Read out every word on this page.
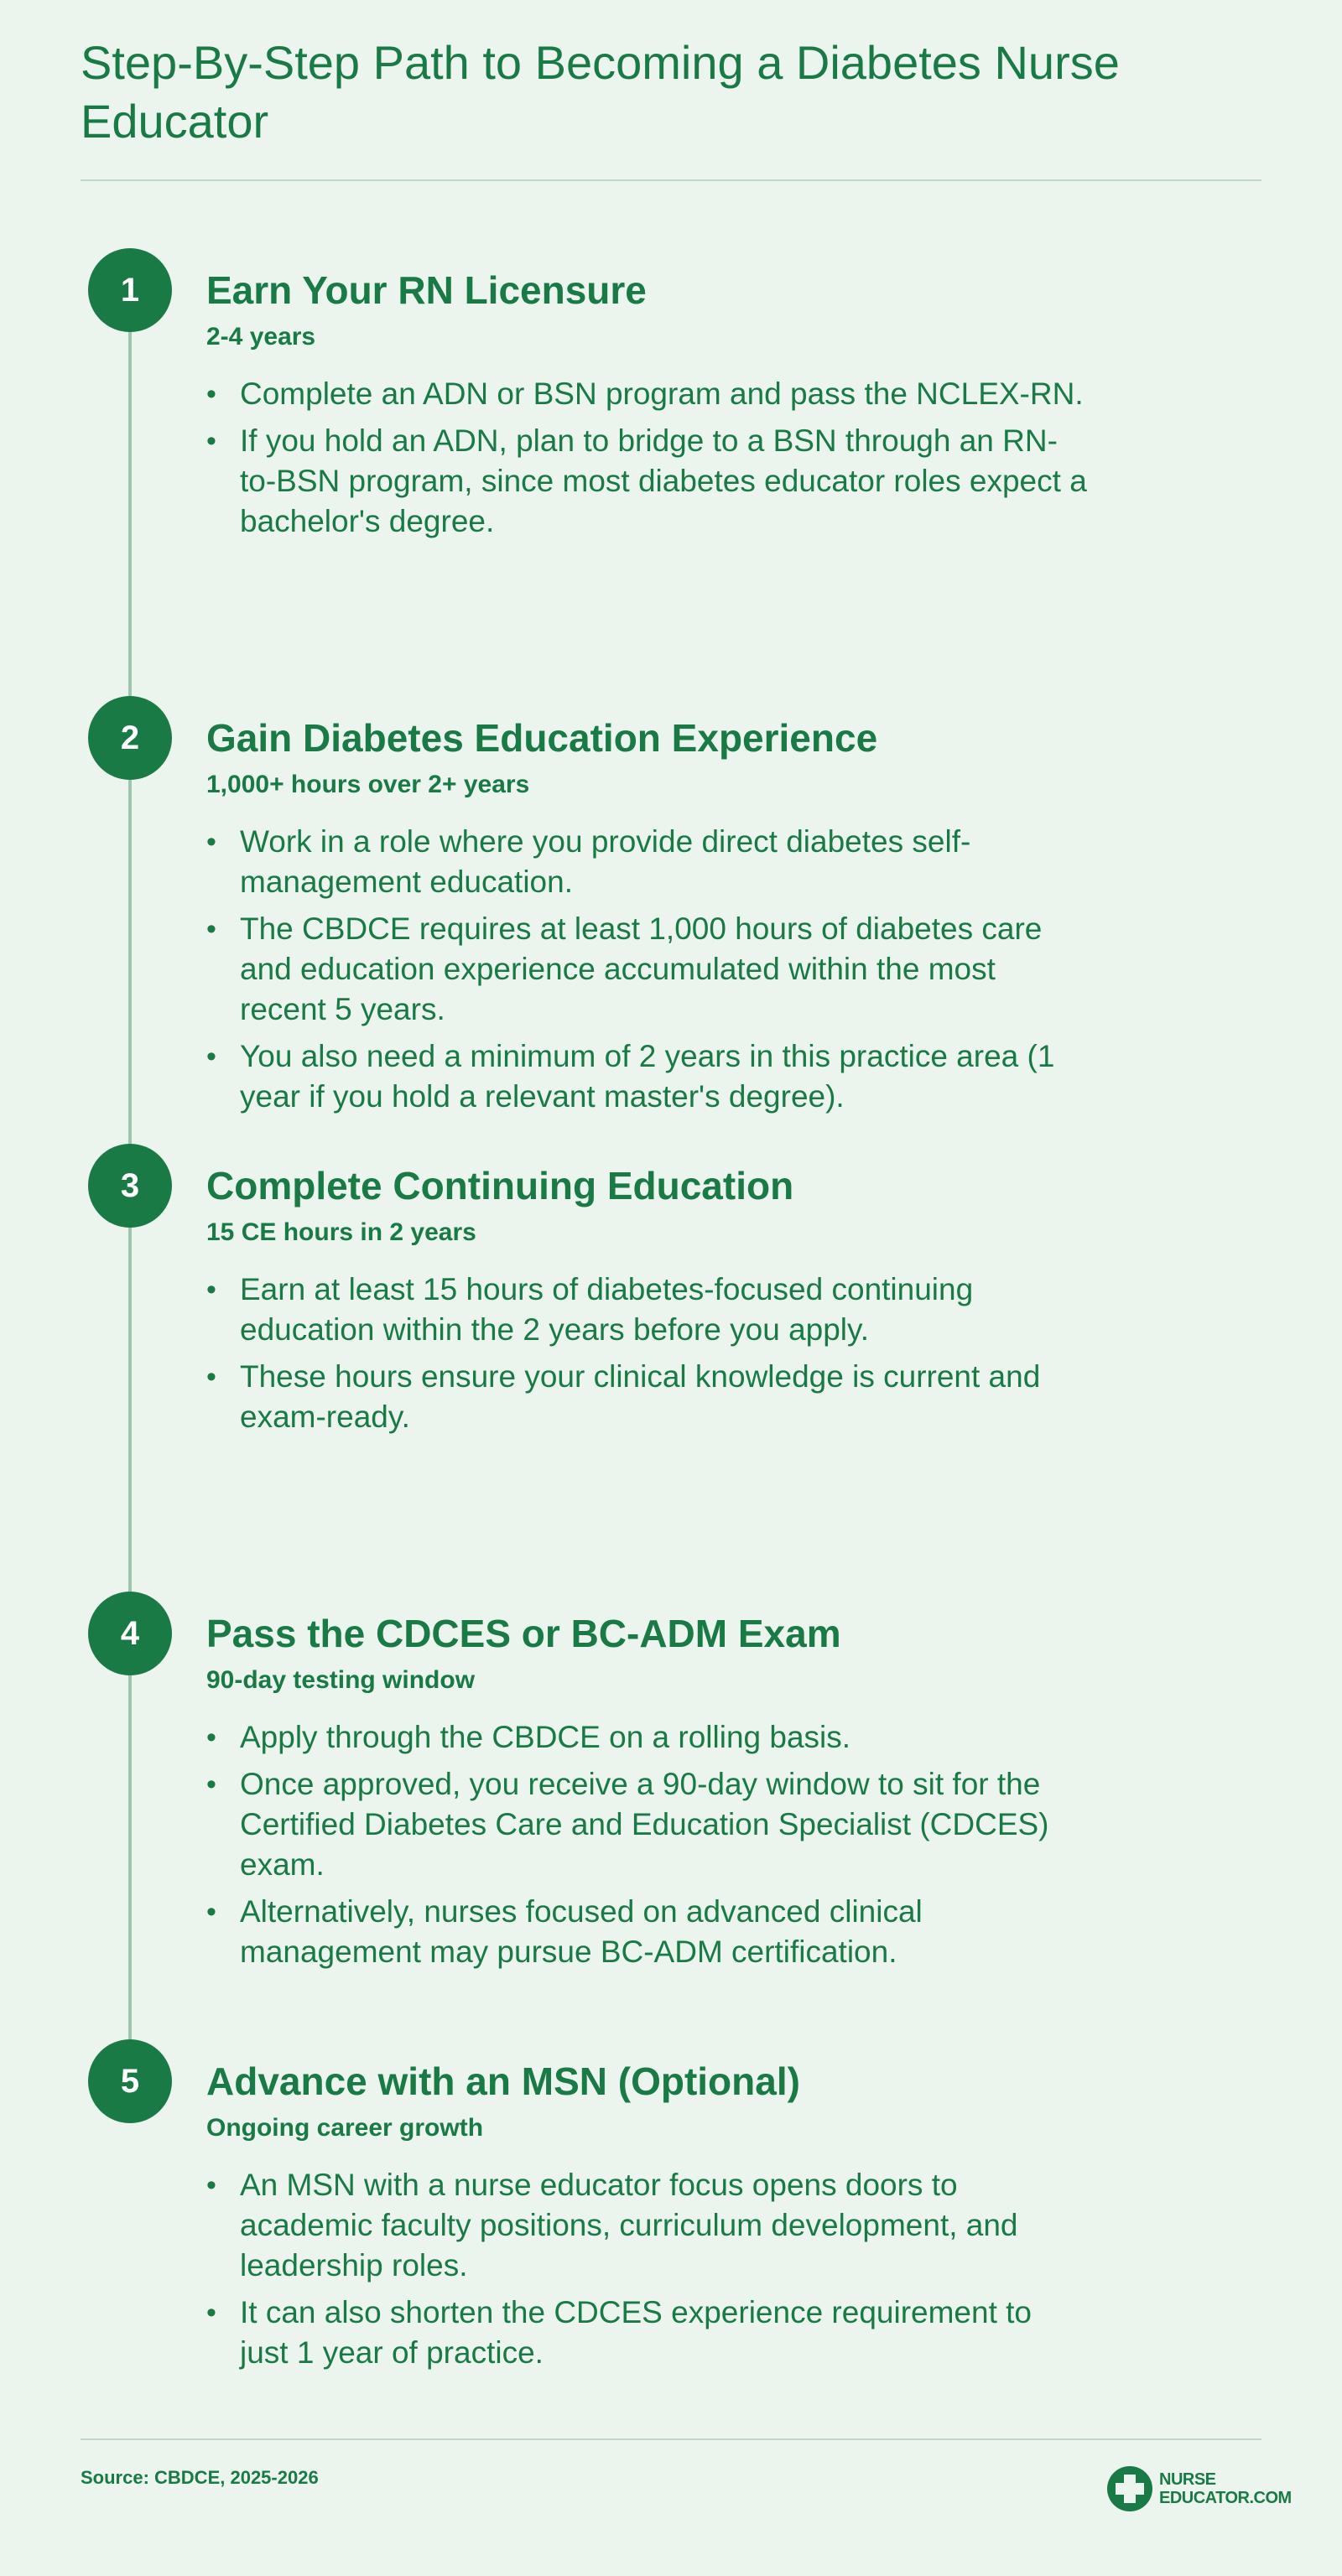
Step-By-Step Path to Becoming a Diabetes Nurse Educator
1	Earn Your RN Licensure
2-4 years
• Complete an ADN or BSN program and pass the NCLEX-RN.
• If you hold an ADN, plan to bridge to a BSN through an RN-to-BSN program, since most diabetes educator roles expect a bachelor's degree.
2	Gain Diabetes Education Experience
1,000+ hours over 2+ years
• Work in a role where you provide direct diabetes self-management education.
• The CBDCE requires at least 1,000 hours of diabetes care and education experience accumulated within the most recent 5 years.
• You also need a minimum of 2 years in this practice area (1 year if you hold a relevant master's degree).
3	Complete Continuing Education
15 CE hours in 2 years
• Earn at least 15 hours of diabetes-focused continuing education within the 2 years before you apply.
• These hours ensure your clinical knowledge is current and exam-ready.
4	Pass the CDCES or BC-ADM Exam
90-day testing window
• Apply through the CBDCE on a rolling basis.
• Once approved, you receive a 90-day window to sit for the Certified Diabetes Care and Education Specialist (CDCES) exam.
• Alternatively, nurses focused on advanced clinical management may pursue BC-ADM certification.
5	Advance with an MSN (Optional)
Ongoing career growth
• An MSN with a nurse educator focus opens doors to academic faculty positions, curriculum development, and leadership roles.
• It can also shorten the CDCES experience requirement to just 1 year of practice.
Source: CBDCE, 2025-2026	NURSE
EDUCATOR.COM
